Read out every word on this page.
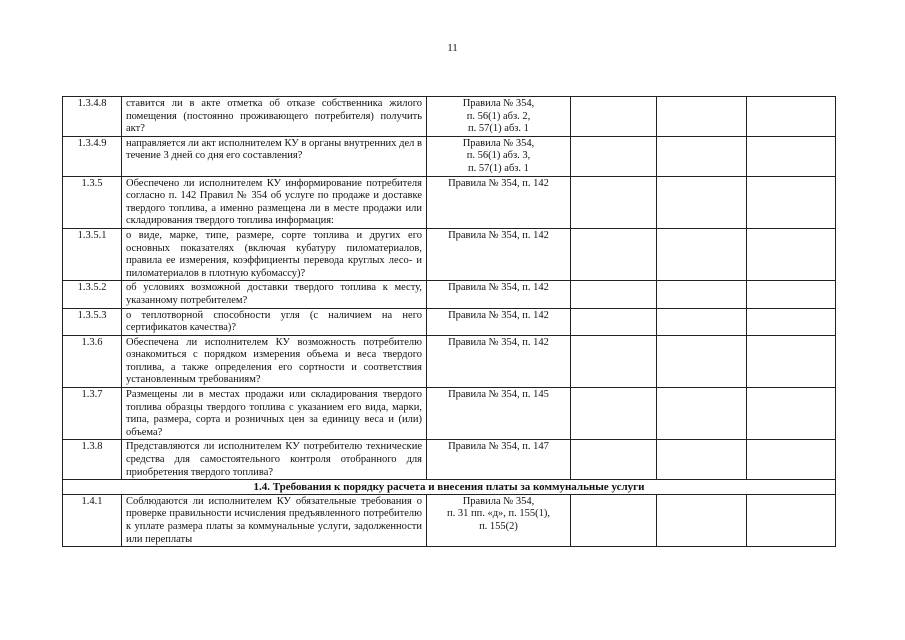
11
1.3.4.8	ставится ли в акте отметка об отказе собственника жилого помещения (постоянно проживающего потребителя) получить акт?	Правила № 354,
п. 56(1) абз. 2,
п. 57(1) абз. 1			
1.3.4.9	направляется ли акт исполнителем КУ в органы внутренних дел в течение 3 дней со дня его составления?	Правила № 354,
п. 56(1) абз. 3,
п. 57(1) абз. 1			
1.3.5	Обеспечено ли исполнителем КУ информирование потребителя согласно п. 142 Правил № 354 об услуге по продаже и доставке твердого топлива, а именно размещена ли в месте продажи или складирования твердого топлива информация:	Правила № 354, п. 142			
1.3.5.1	о виде, марке, типе, размере, сорте топлива и других его основных показателях (включая кубатуру пиломатериалов, правила ее измерения, коэффициенты перевода круглых лесо- и пиломатериалов в плотную кубомассу)?	Правила № 354, п. 142			
1.3.5.2	об условиях возможной доставки твердого топлива к месту, указанному потребителем?	Правила № 354, п. 142			
1.3.5.3	о теплотворной способности угля (с наличием на него сертификатов качества)?	Правила № 354, п. 142			
1.3.6	Обеспечена ли исполнителем КУ возможность потребителю ознакомиться с порядком измерения объема и веса твердого топлива, а также определения его сортности и соответствия установленным требованиям?	Правила № 354, п. 142			
1.3.7	Размещены ли в местах продажи или складирования твердого топлива образцы твердого топлива с указанием его вида, марки, типа, размера, сорта и розничных цен за единицу веса и (или) объема?	Правила № 354, п. 145			
1.3.8	Представляются ли исполнителем КУ потребителю технические средства для самостоятельного контроля отобранного для приобретения твердого топлива?	Правила № 354, п. 147			
1.4. Требования к порядку расчета и внесения платы за коммунальные услуги					
1.4.1	Соблюдаются ли исполнителем КУ обязательные требования о проверке правильности исчисления предъявленного потребителю к уплате размера платы за коммунальные услуги, задолженности или переплаты	Правила № 354,
п. 31 пп. «д», п. 155(1),
п. 155(2)			
